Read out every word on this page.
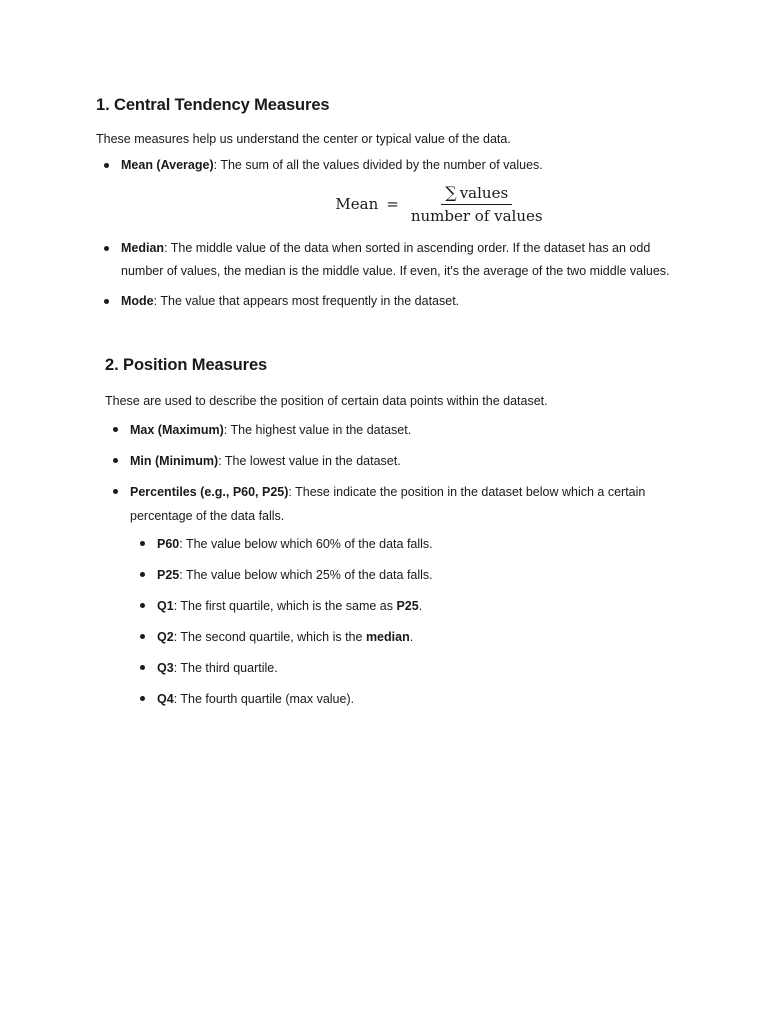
1. Central Tendency Measures

These measures help us understand the center or typical value of the data.

Mean (Average): The sum of all the values divided by the number of values.
Mean = $\frac{\text{∑ values}}{\text{number of values}}$
Median: The middle value of the data when sorted in ascending order. If the dataset has an odd number of values, the median is the middle value. If even, it's the average of the two middle values.
Mode: The value that appears most frequently in the dataset.
2. Position Measures

These are used to describe the position of certain data points within the dataset.

Max (Maximum): The highest value in the dataset.
Min (Minimum): The lowest value in the dataset.
Percentiles (e.g., P60, P25): These indicate the position in the dataset below which a certain percentage of the data falls.
P60: The value below which 60% of the data falls.
P25: The value below which 25% of the data falls.
Q1: The first quartile, which is the same as P25.
Q2: The second quartile, which is the median.
Q3: The third quartile.
Q4: The fourth quartile (max value).
